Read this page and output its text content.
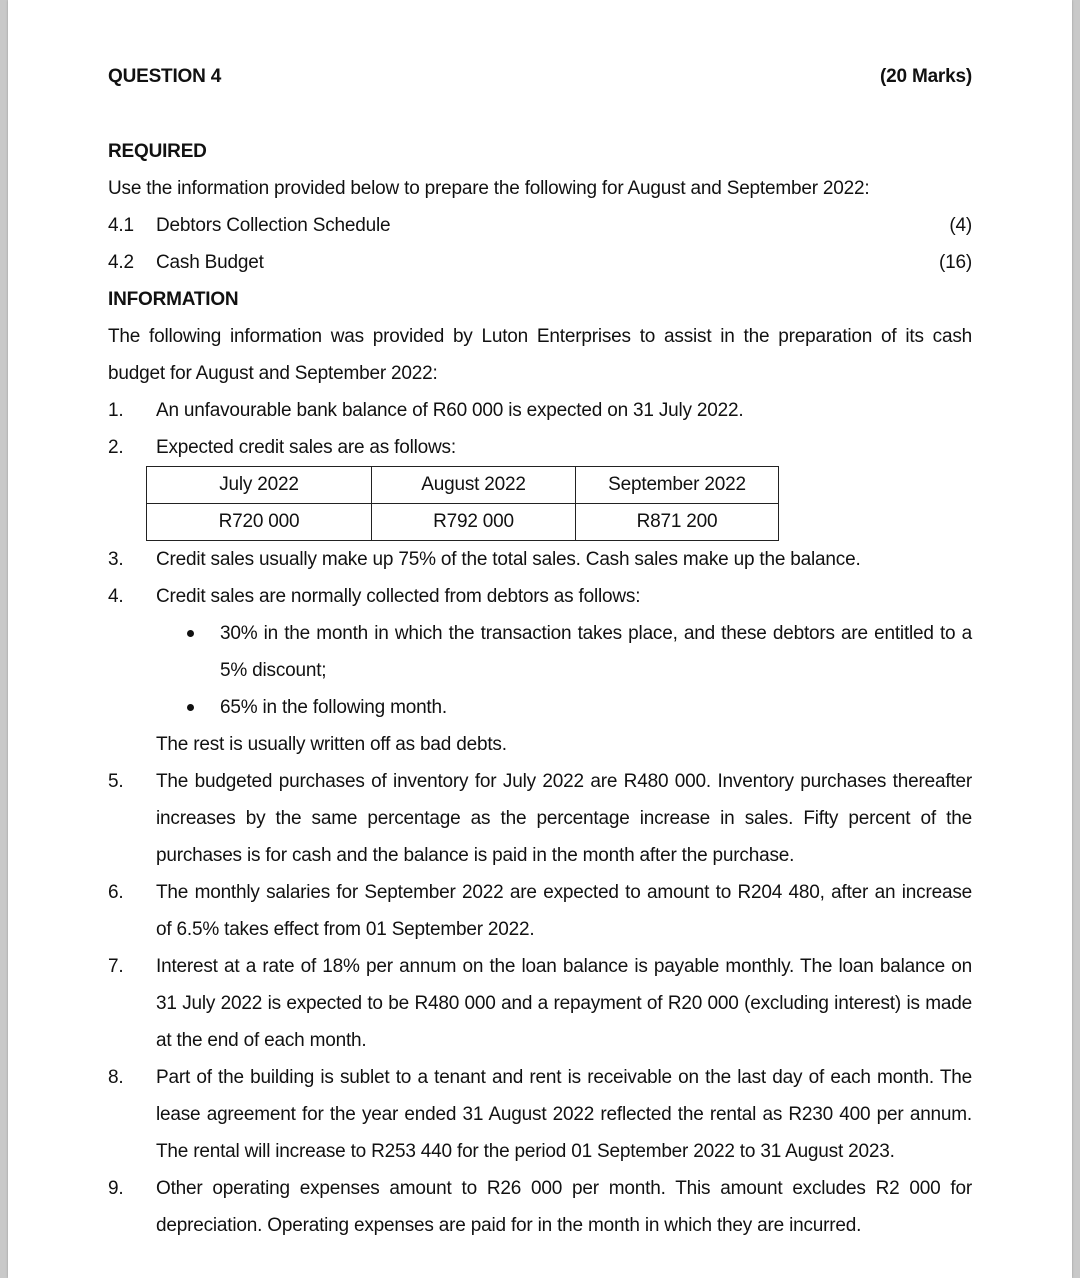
QUESTION 4	(20 Marks)
REQUIRED
Use the information provided below to prepare the following for August and September 2022:
4.1	Debtors Collection Schedule	(4)
4.2	Cash Budget	(16)
INFORMATION
The following information was provided by Luton Enterprises to assist in the preparation of its cash budget for August and September 2022:
1.	An unfavourable bank balance of R60 000 is expected on 31 July 2022.
2.	Expected credit sales are as follows:
July 2022	August 2022	September 2022
R720 000	R792 000	R871 200
3.	Credit sales usually make up 75% of the total sales. Cash sales make up the balance.
4.	Credit sales are normally collected from debtors as follows:
30% in the month in which the transaction takes place, and these debtors are entitled to a 5% discount;
65% in the following month.
The rest is usually written off as bad debts.
5.	The budgeted purchases of inventory for July 2022 are R480 000. Inventory purchases thereafter increases by the same percentage as the percentage increase in sales. Fifty percent of the purchases is for cash and the balance is paid in the month after the purchase.
6.	The monthly salaries for September 2022 are expected to amount to R204 480, after an increase of 6.5% takes effect from 01 September 2022.
7.	Interest at a rate of 18% per annum on the loan balance is payable monthly. The loan balance on 31 July 2022 is expected to be R480 000 and a repayment of R20 000 (excluding interest) is made at the end of each month.
8.	Part of the building is sublet to a tenant and rent is receivable on the last day of each month. The lease agreement for the year ended 31 August 2022 reflected the rental as R230 400 per annum. The rental will increase to R253 440 for the period 01 September 2022 to 31 August 2023.
9.	Other operating expenses amount to R26 000 per month. This amount excludes R2 000 for depreciation. Operating expenses are paid for in the month in which they are incurred.
